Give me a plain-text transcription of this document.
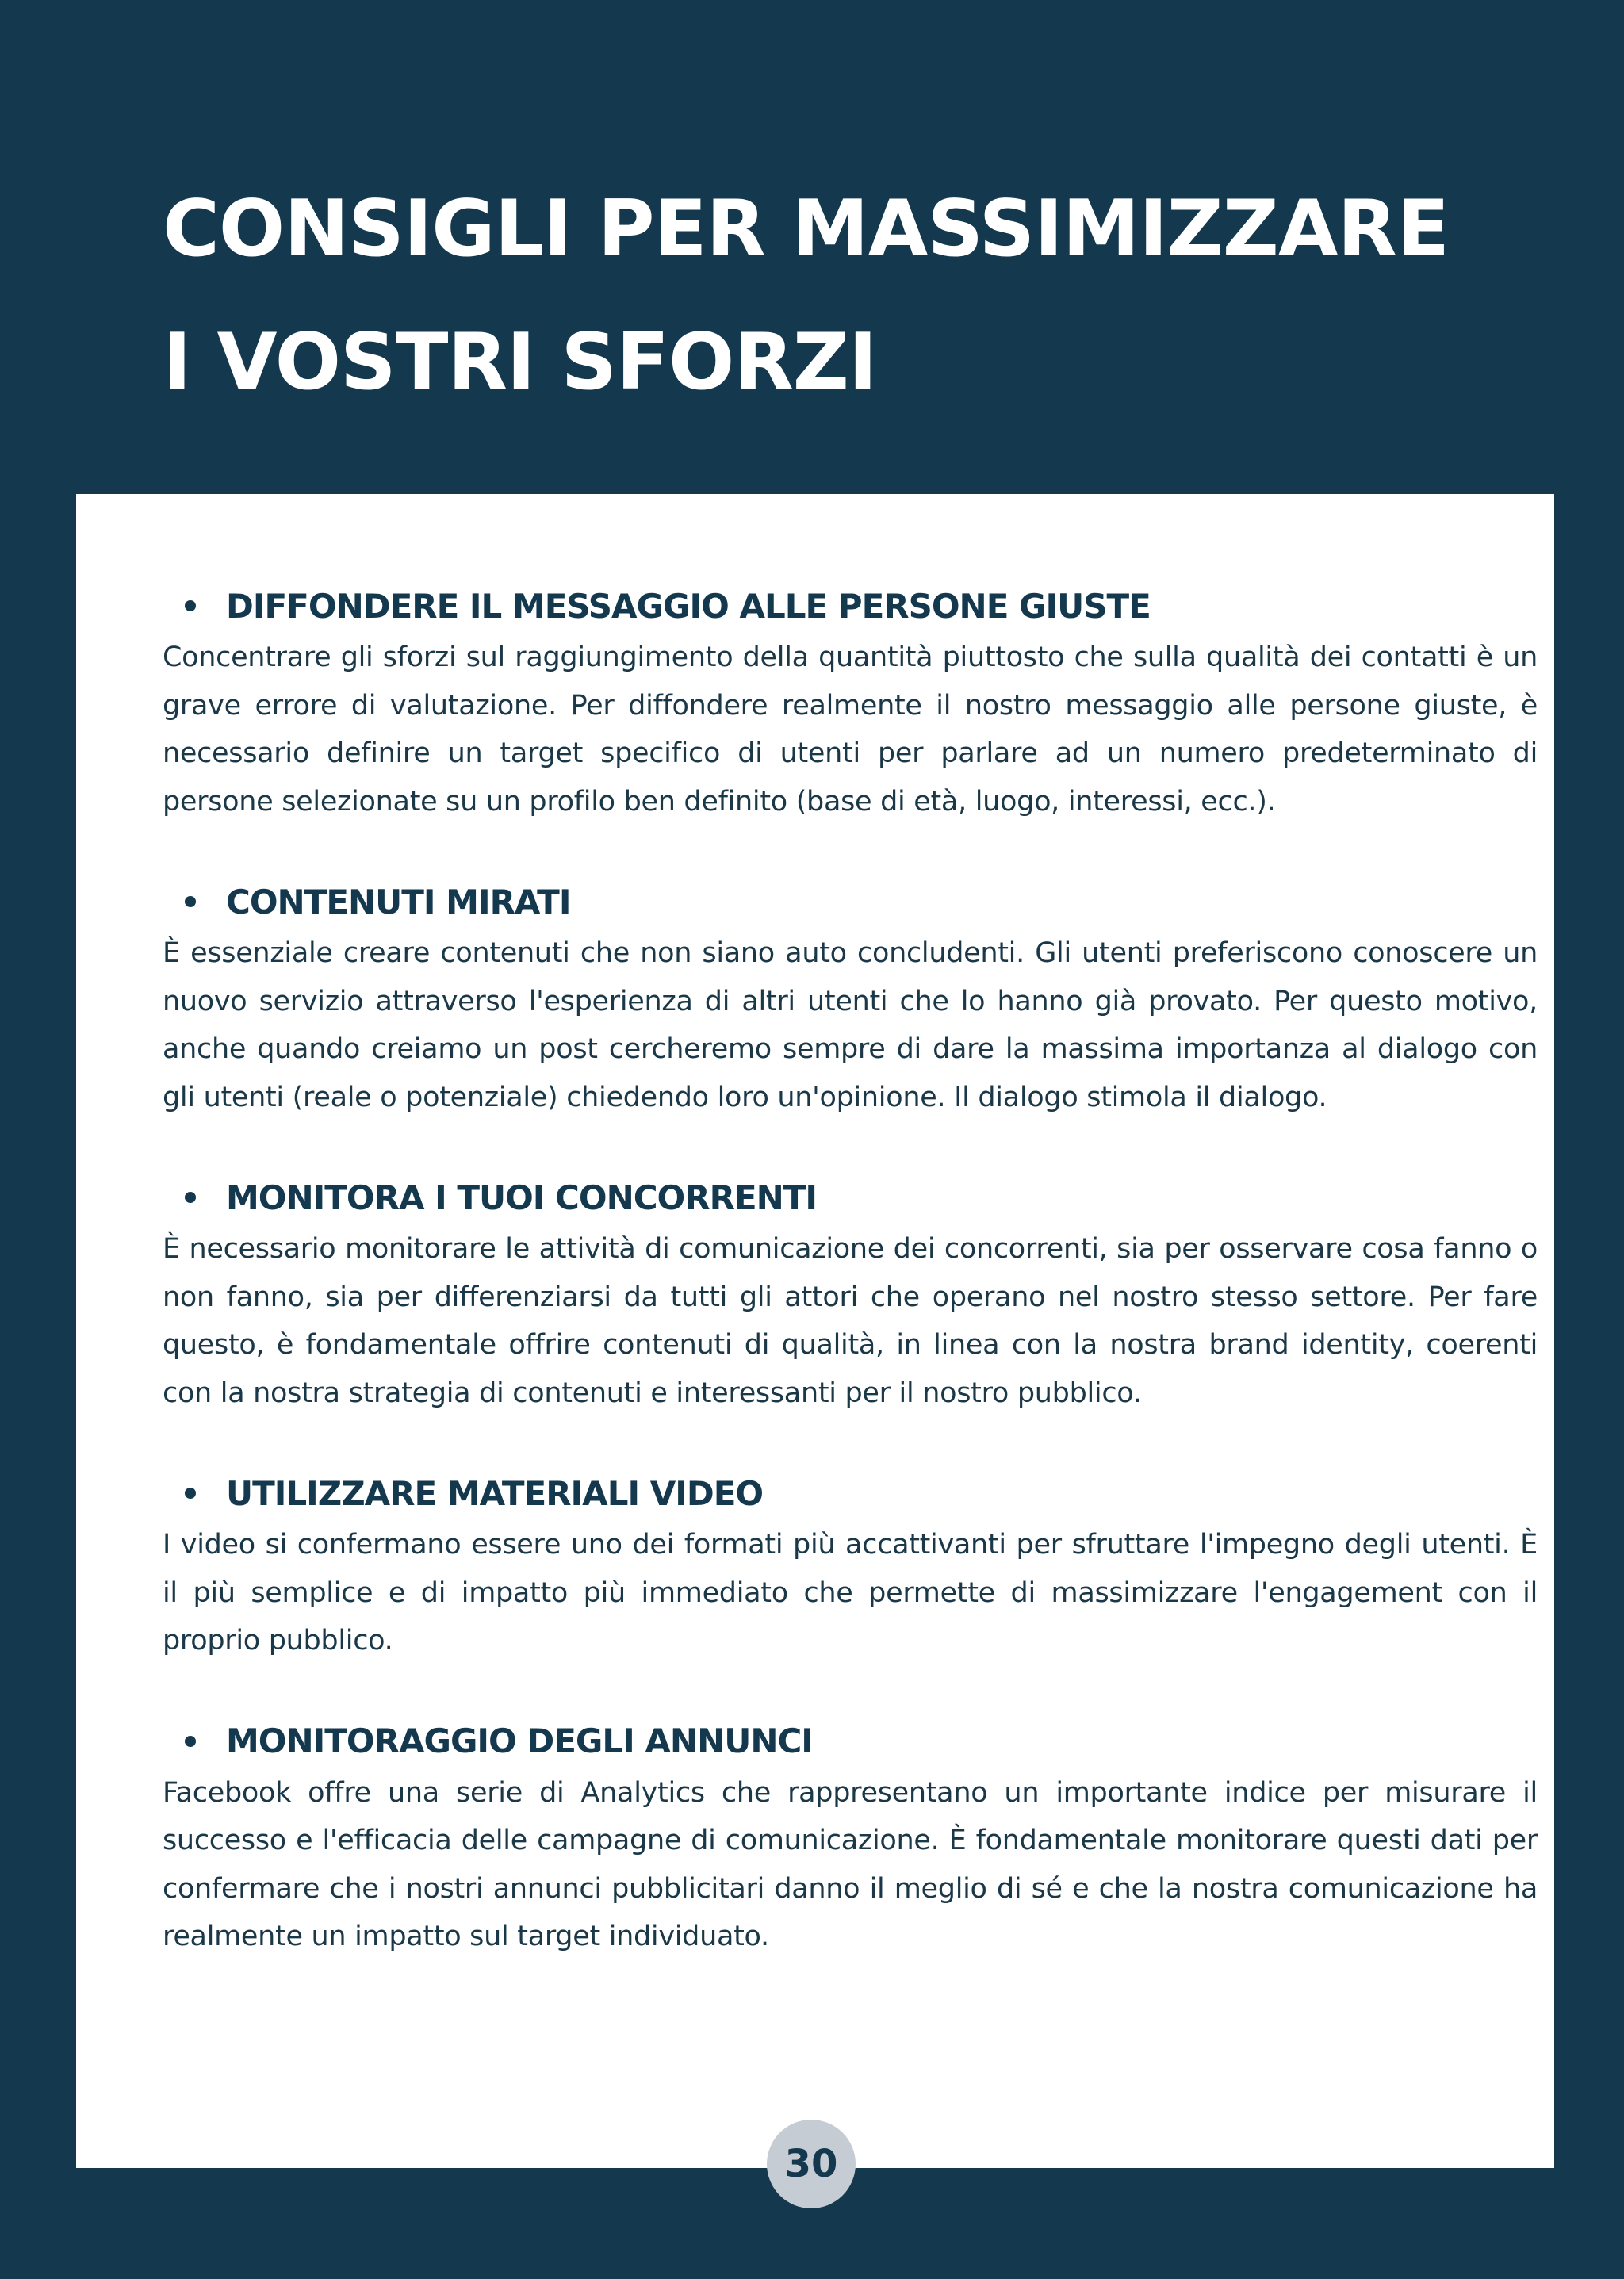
CONSIGLI PER MASSIMIZZARE
I VOSTRI SFORZI
DIFFONDERE IL MESSAGGIO ALLE PERSONE GIUSTE

Concentrare gli sforzi sul raggiungimento della quantità piuttosto che sulla qualità dei contatti è un grave errore di valutazione. Per diffondere realmente il nostro messaggio alle persone giuste, è necessario definire un target specifico di utenti per parlare ad un numero predeterminato di persone selezionate su un profilo ben definito (base di età, luogo, interessi, ecc.).

CONTENUTI MIRATI

È essenziale creare contenuti che non siano auto concludenti. Gli utenti preferiscono conoscere un nuovo servizio attraverso l'esperienza di altri utenti che lo hanno già provato. Per questo motivo, anche quando creiamo un post cercheremo sempre di dare la massima importanza al dialogo con gli utenti (reale o potenziale) chiedendo loro un'opinione. Il dialogo stimola il dialogo.

MONITORA I TUOI CONCORRENTI

È necessario monitorare le attività di comunicazione dei concorrenti, sia per osservare cosa fanno o non fanno, sia per differenziarsi da tutti gli attori che operano nel nostro stesso settore. Per fare questo, è fondamentale offrire contenuti di qualità, in linea con la nostra brand identity, coerenti con la nostra strategia di contenuti e interessanti per il nostro pubblico.

UTILIZZARE MATERIALI VIDEO

I video si confermano essere uno dei formati più accattivanti per sfruttare l'impegno degli utenti. È il più semplice e di impatto più immediato che permette di massimizzare l'engagement con il proprio pubblico.

MONITORAGGIO DEGLI ANNUNCI

Facebook offre una serie di Analytics che rappresentano un importante indice per misurare il successo e l'efficacia delle campagne di comunicazione. È fondamentale monitorare questi dati per confermare che i nostri annunci pubblicitari danno il meglio di sé e che la nostra comunicazione ha realmente un impatto sul target individuato.

30
